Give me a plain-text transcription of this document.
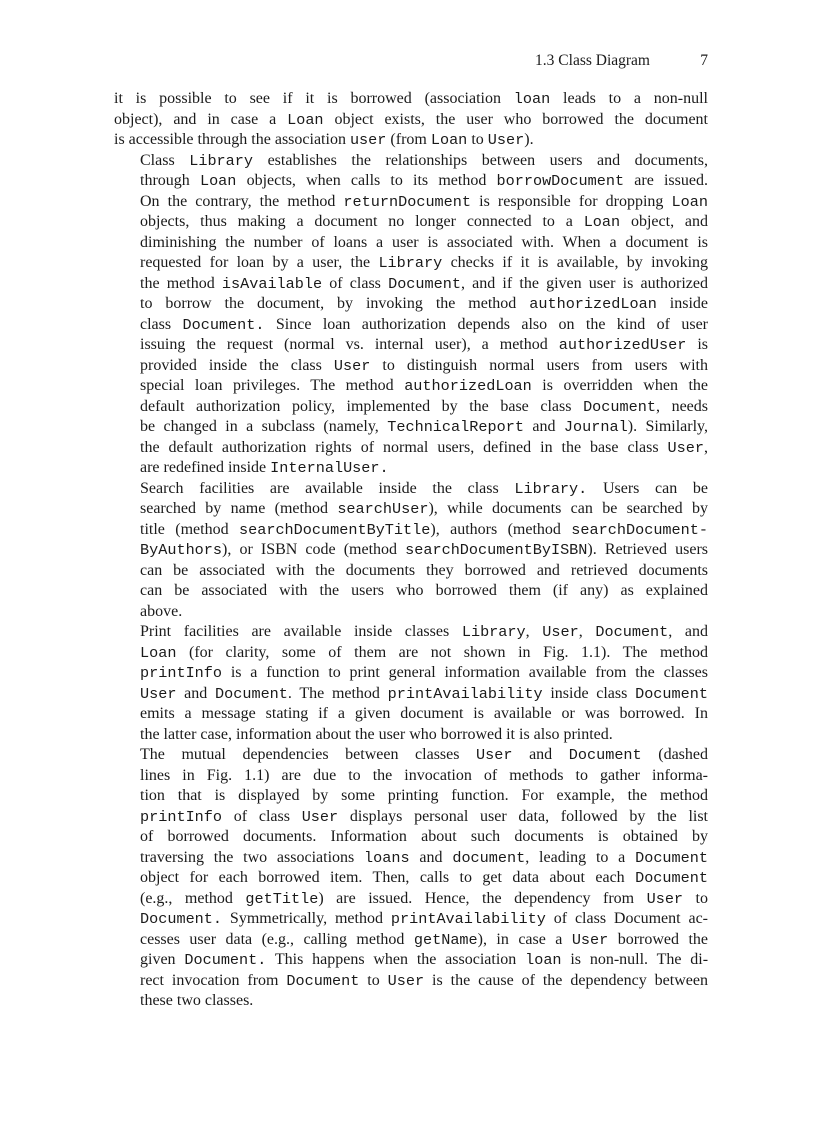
1.3 Class Diagram	7
it is possible to see if it is borrowed (association loan leads to a non-null
object), and in case a Loan object exists, the user who borrowed the document
is accessible through the association user (from Loan to User).
Class Library establishes the relationships between users and documents,
through Loan objects, when calls to its method borrowDocument are issued.
On the contrary, the method returnDocument is responsible for dropping Loan
objects, thus making a document no longer connected to a Loan object, and
diminishing the number of loans a user is associated with. When a document is
requested for loan by a user, the Library checks if it is available, by invoking
the method isAvailable of class Document, and if the given user is authorized
to borrow the document, by invoking the method authorizedLoan inside
class Document. Since loan authorization depends also on the kind of user
issuing the request (normal vs. internal user), a method authorizedUser is
provided inside the class User to distinguish normal users from users with
special loan privileges. The method authorizedLoan is overridden when the
default authorization policy, implemented by the base class Document, needs
be changed in a subclass (namely, TechnicalReport and Journal). Similarly,
the default authorization rights of normal users, defined in the base class User,
are redefined inside InternalUser.
Search facilities are available inside the class Library. Users can be
searched by name (method searchUser), while documents can be searched by
title (method searchDocumentByTitle), authors (method searchDocument-
ByAuthors), or ISBN code (method searchDocumentByISBN). Retrieved users
can be associated with the documents they borrowed and retrieved documents
can be associated with the users who borrowed them (if any) as explained
above.
Print facilities are available inside classes Library, User, Document, and
Loan (for clarity, some of them are not shown in Fig. 1.1). The method
printInfo is a function to print general information available from the classes
User and Document. The method printAvailability inside class Document
emits a message stating if a given document is available or was borrowed. In
the latter case, information about the user who borrowed it is also printed.
The mutual dependencies between classes User and Document (dashed
lines in Fig. 1.1) are due to the invocation of methods to gather informa-
tion that is displayed by some printing function. For example, the method
printInfo of class User displays personal user data, followed by the list
of borrowed documents. Information about such documents is obtained by
traversing the two associations loans and document, leading to a Document
object for each borrowed item. Then, calls to get data about each Document
(e.g., method getTitle) are issued. Hence, the dependency from User to
Document. Symmetrically, method printAvailability of class Document ac-
cesses user data (e.g., calling method getName), in case a User borrowed the
given Document. This happens when the association loan is non-null. The di-
rect invocation from Document to User is the cause of the dependency between
these two classes.
